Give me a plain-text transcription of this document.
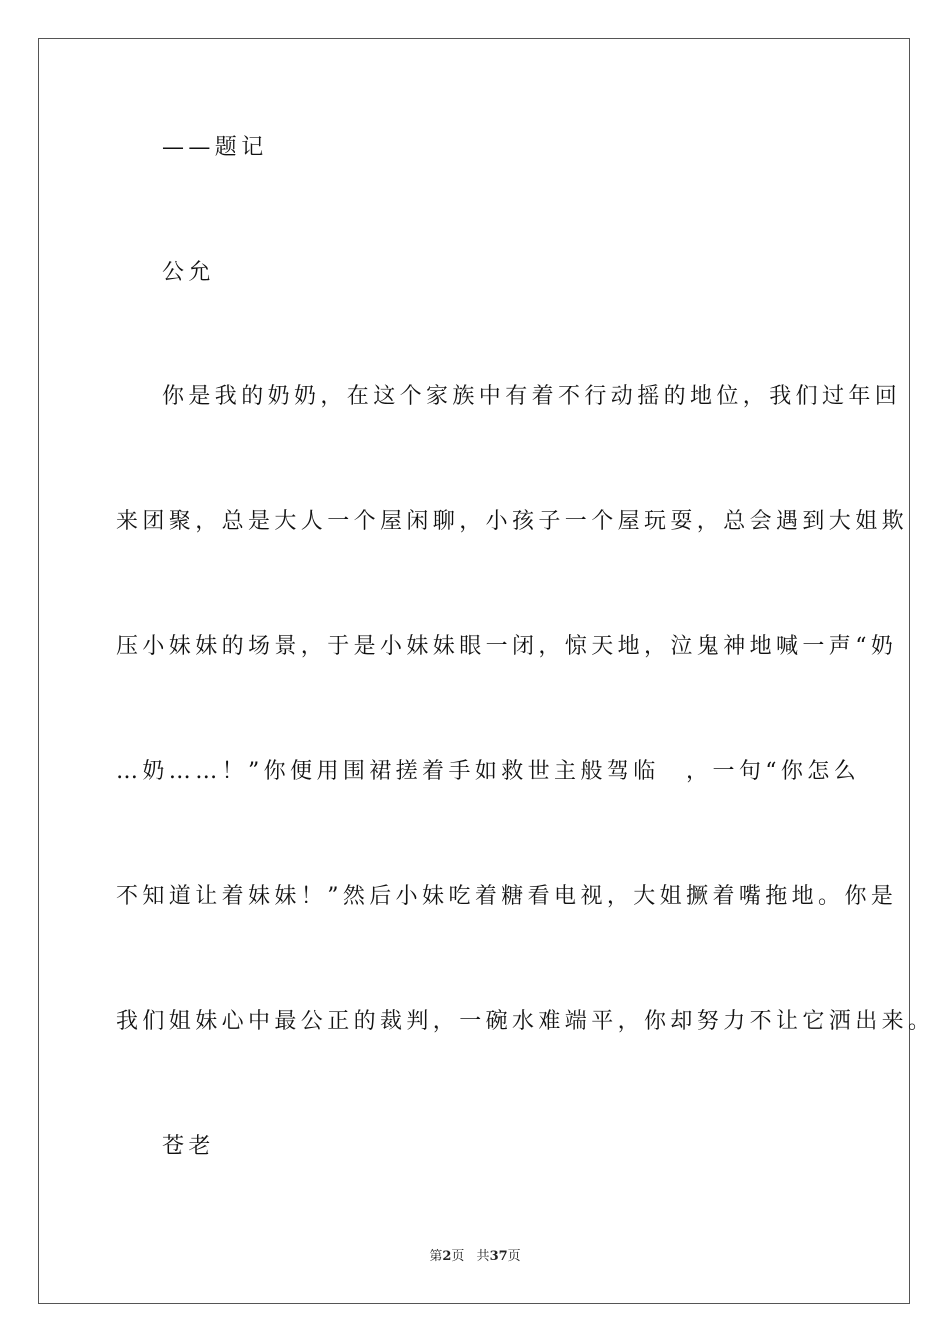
——题记
公允
你是我的奶奶，在这个家族中有着不行动摇的地位，我们过年回
来团聚，总是大人一个屋闲聊，小孩子一个屋玩耍，总会遇到大姐欺
压小妹妹的场景，于是小妹妹眼一闭，惊天地，泣鬼神地喊一声“奶
…奶……！”你便用围裙搓着手如救世主般驾临　，一句“你怎么
不知道让着妹妹！”然后小妹吃着糖看电视，大姐撅着嘴拖地。你是
我们姐妹心中最公正的裁判，一碗水难端平，你却努力不让它洒出来。
苍老
第2页 共37页
